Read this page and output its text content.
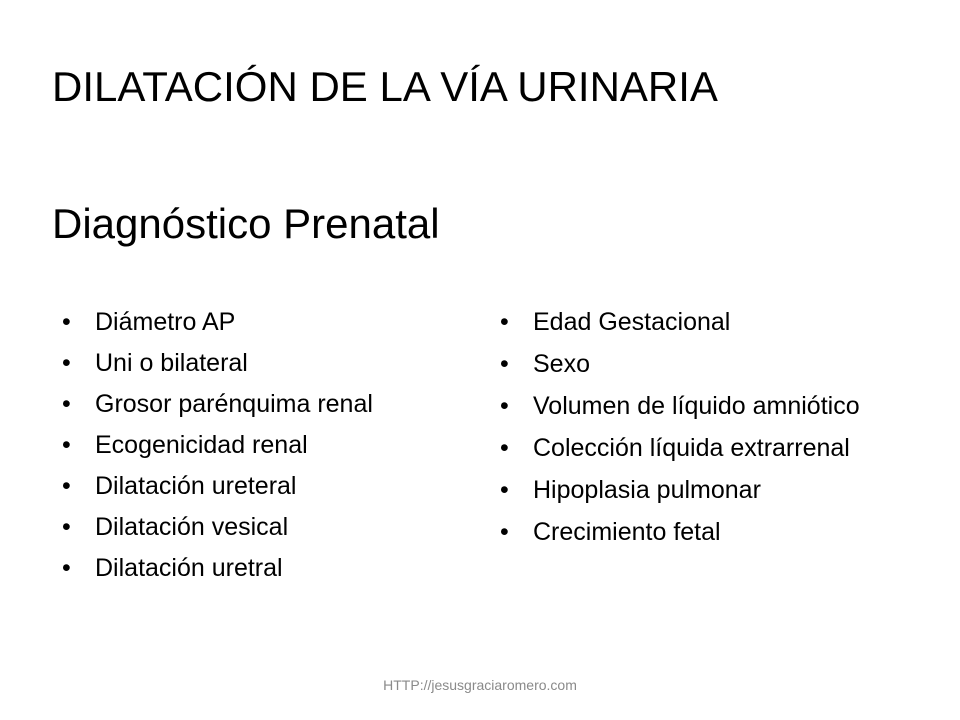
DILATACIÓN DE LA VÍA URINARIA
Diagnóstico Prenatal
• Diámetro AP
• Uni o bilateral
• Grosor parénquima renal
• Ecogenicidad renal
• Dilatación ureteral
• Dilatación vesical
• Dilatación uretral
• Edad Gestacional
• Sexo
• Volumen de líquido amniótico
• Colección líquida extrarrenal
• Hipoplasia pulmonar
• Crecimiento fetal
HTTP://jesusgraciaromero.com
